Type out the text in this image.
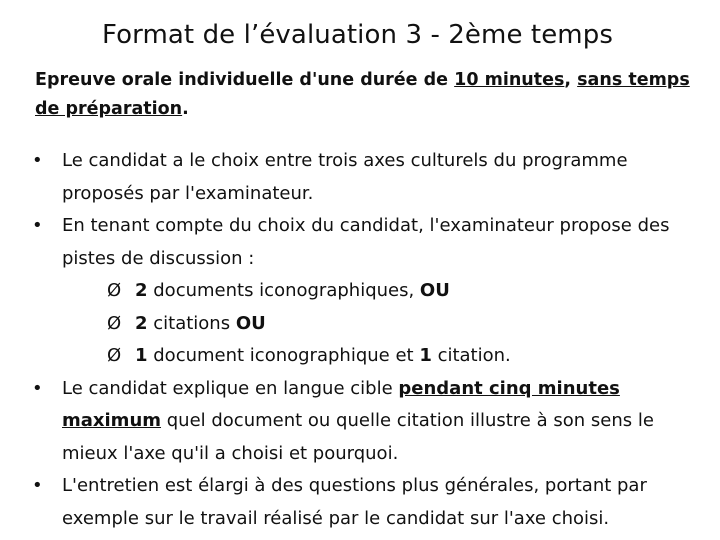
Format de l’évaluation 3 - 2ème temps
Epreuve orale individuelle d'une durée de 10 minutes, sans temps de préparation.
• Le candidat a le choix entre trois axes culturels du programme proposés par l'examinateur.
• En tenant compte du choix du candidat, l'examinateur propose des pistes de discussion :
Ø 2 documents iconographiques, OU
Ø 2 citations OU
Ø 1 document iconographique et 1 citation.
• Le candidat explique en langue cible pendant cinq minutes maximum quel document ou quelle citation illustre à son sens le mieux l'axe qu'il a choisi et pourquoi.
• L'entretien est élargi à des questions plus générales, portant par exemple sur le travail réalisé par le candidat sur l'axe choisi.
